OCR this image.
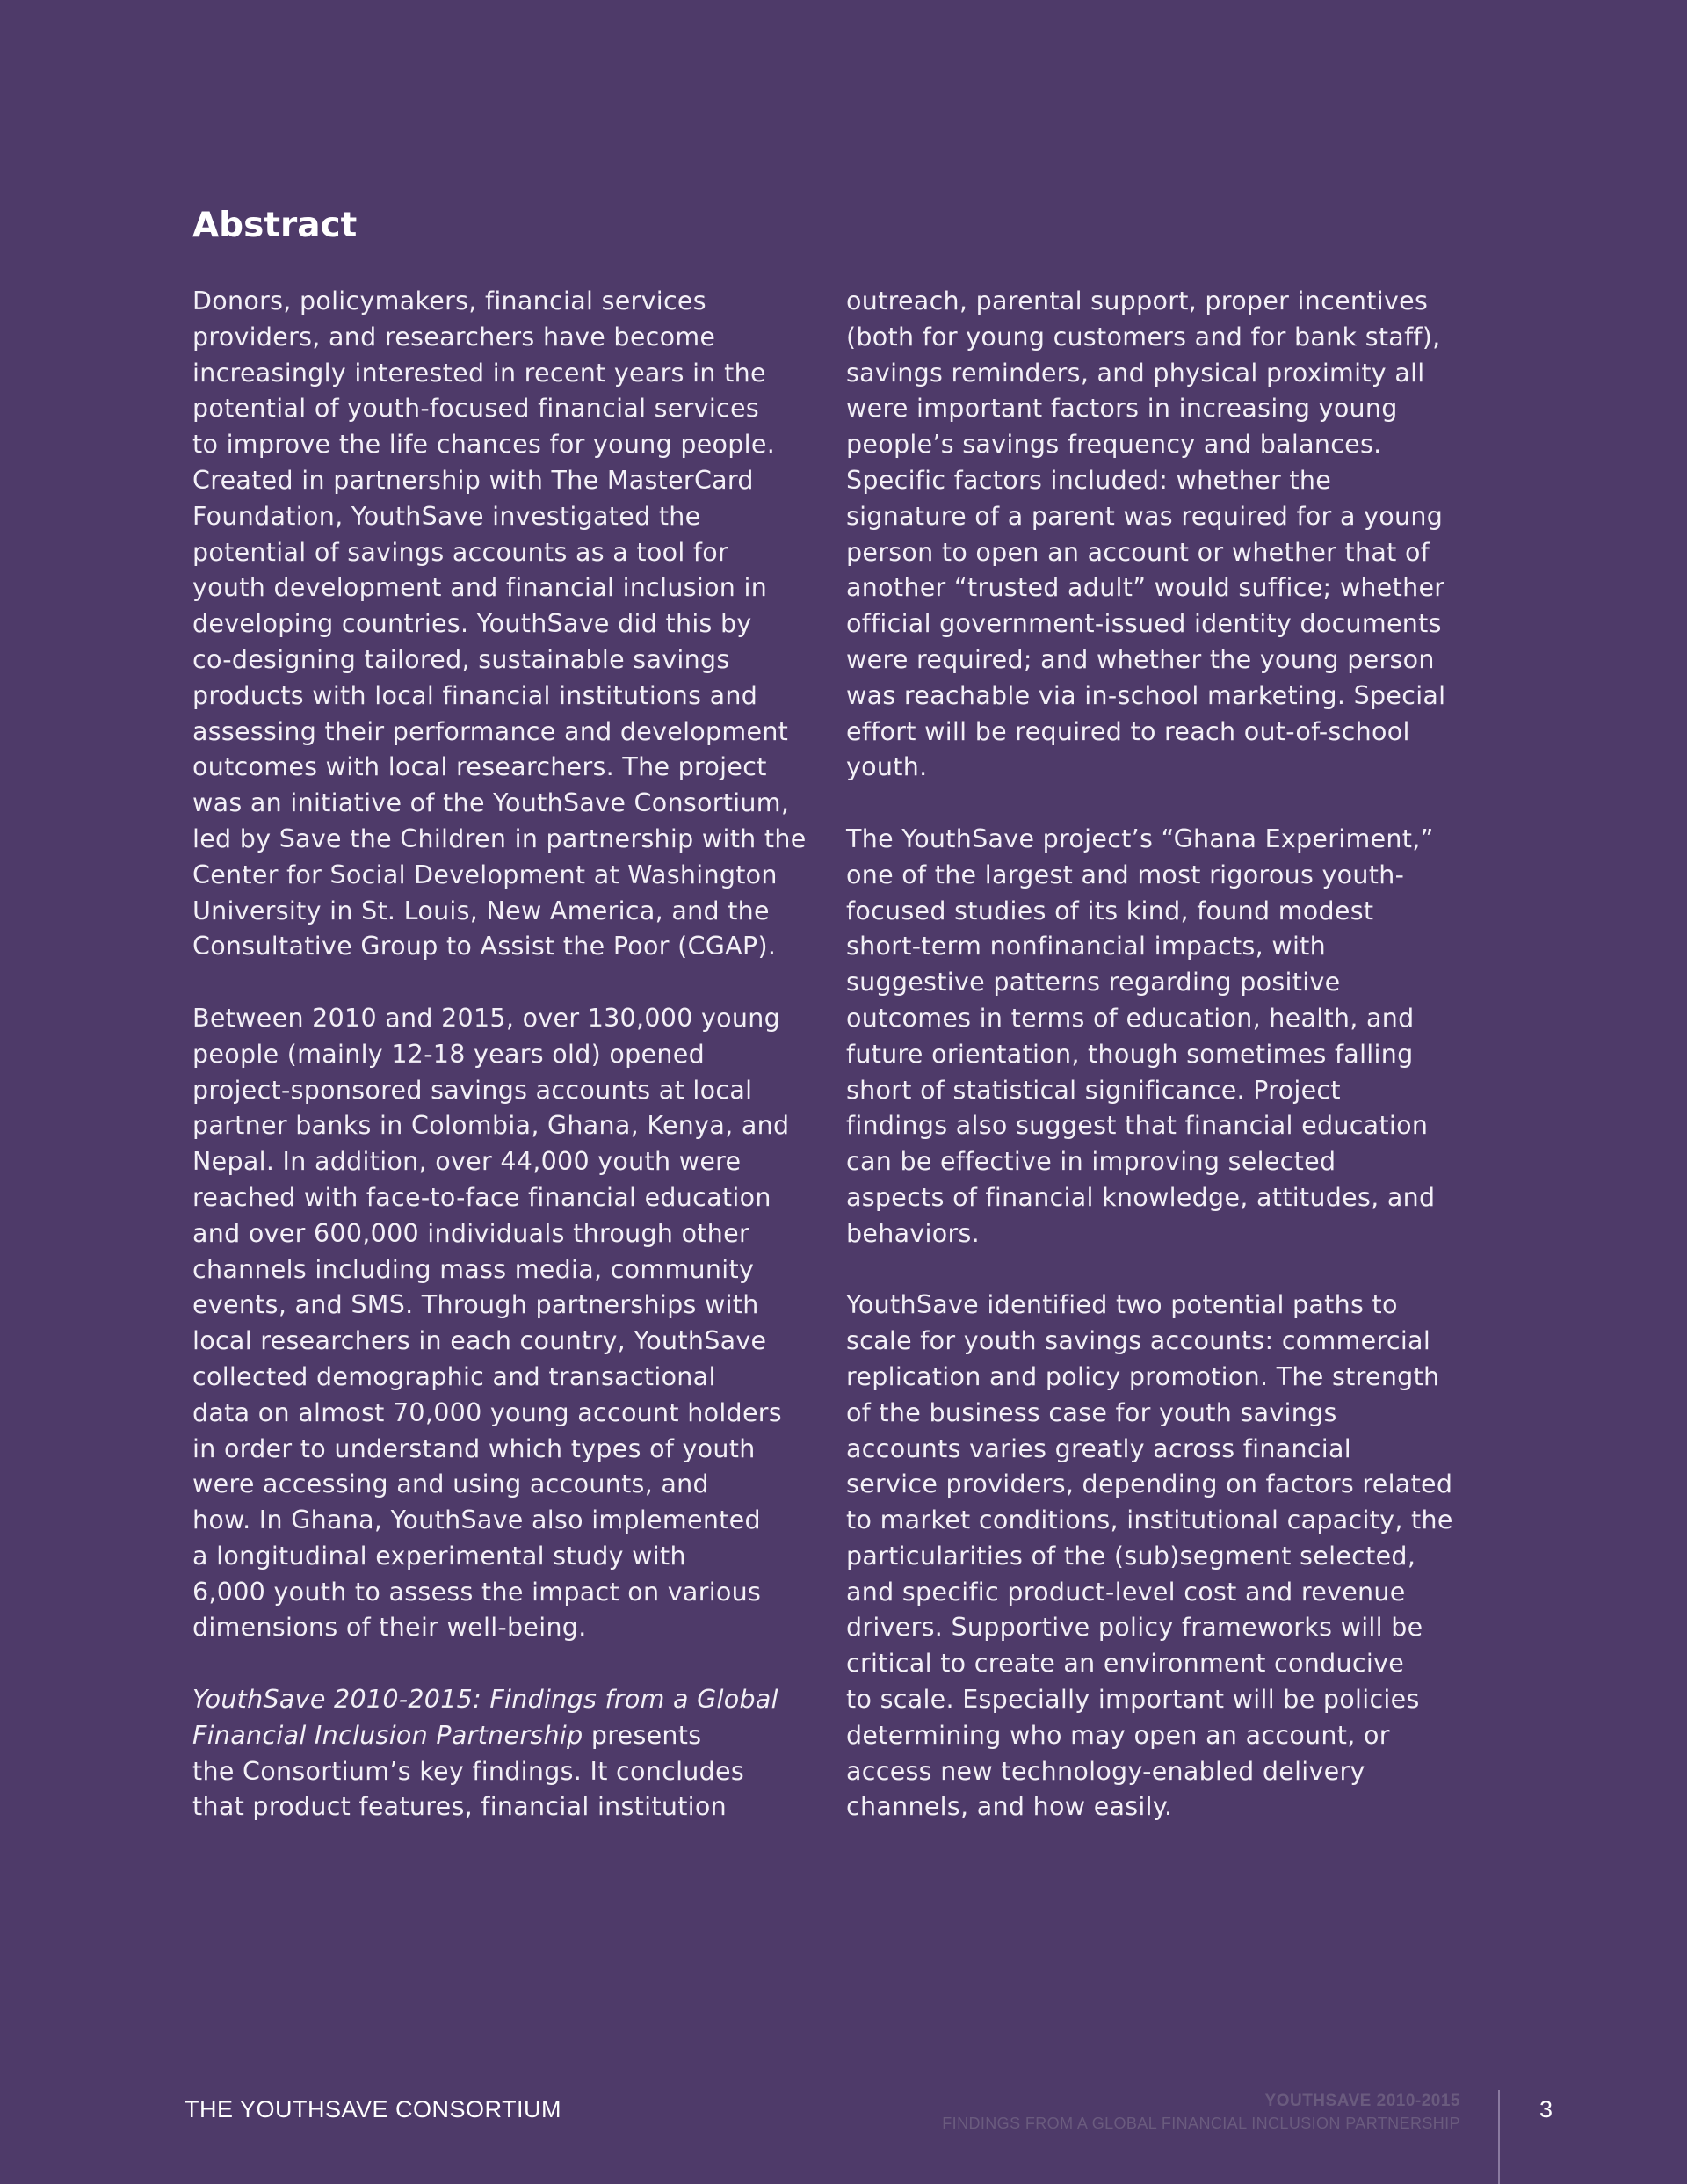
Abstract

Donors, policymakers, financial services
providers, and researchers have become
increasingly interested in recent years in the
potential of youth-focused financial services
to improve the life chances for young people.
Created in partnership with The MasterCard
Foundation, YouthSave investigated the
potential of savings accounts as a tool for
youth development and financial inclusion in
developing countries. YouthSave did this by
co-designing tailored, sustainable savings
products with local financial institutions and
assessing their performance and development
outcomes with local researchers. The project
was an initiative of the YouthSave Consortium,
led by Save the Children in partnership with the
Center for Social Development at Washington
University in St. Louis, New America, and the
Consultative Group to Assist the Poor (CGAP).

Between 2010 and 2015, over 130,000 young
people (mainly 12-18 years old) opened
project-sponsored savings accounts at local
partner banks in Colombia, Ghana, Kenya, and
Nepal. In addition, over 44,000 youth were
reached with face-to-face financial education
and over 600,000 individuals through other
channels including mass media, community
events, and SMS. Through partnerships with
local researchers in each country, YouthSave
collected demographic and transactional
data on almost 70,000 young account holders
in order to understand which types of youth
were accessing and using accounts, and
how. In Ghana, YouthSave also implemented
a longitudinal experimental study with
6,000 youth to assess the impact on various
dimensions of their well-being.

YouthSave 2010-2015: Findings from a Global
Financial Inclusion Partnership presents
the Consortium’s key findings. It concludes
that product features, financial institution

outreach, parental support, proper incentives
(both for young customers and for bank staff),
savings reminders, and physical proximity all
were important factors in increasing young
people’s savings frequency and balances.
Specific factors included: whether the
signature of a parent was required for a young
person to open an account or whether that of
another “trusted adult” would suffice; whether
official government-issued identity documents
were required; and whether the young person
was reachable via in-school marketing. Special
effort will be required to reach out-of-school
youth.

The YouthSave project’s “Ghana Experiment,”
one of the largest and most rigorous youth-
focused studies of its kind, found modest
short-term nonfinancial impacts, with
suggestive patterns regarding positive
outcomes in terms of education, health, and
future orientation, though sometimes falling
short of statistical significance. Project
findings also suggest that financial education
can be effective in improving selected
aspects of financial knowledge, attitudes, and
behaviors.

YouthSave identified two potential paths to
scale for youth savings accounts: commercial
replication and policy promotion. The strength
of the business case for youth savings
accounts varies greatly across financial
service providers, depending on factors related
to market conditions, institutional capacity, the
particularities of the (sub)segment selected,
and specific product-level cost and revenue
drivers. Supportive policy frameworks will be
critical to create an environment conducive
to scale. Especially important will be policies
determining who may open an account, or
access new technology-enabled delivery
channels, and how easily.

THE YOUTHSAVE CONSORTIUM	YOUTHSAVE 2010-2015
FINDINGS FROM A GLOBAL FINANCIAL INCLUSION PARTNERSHIP
3
